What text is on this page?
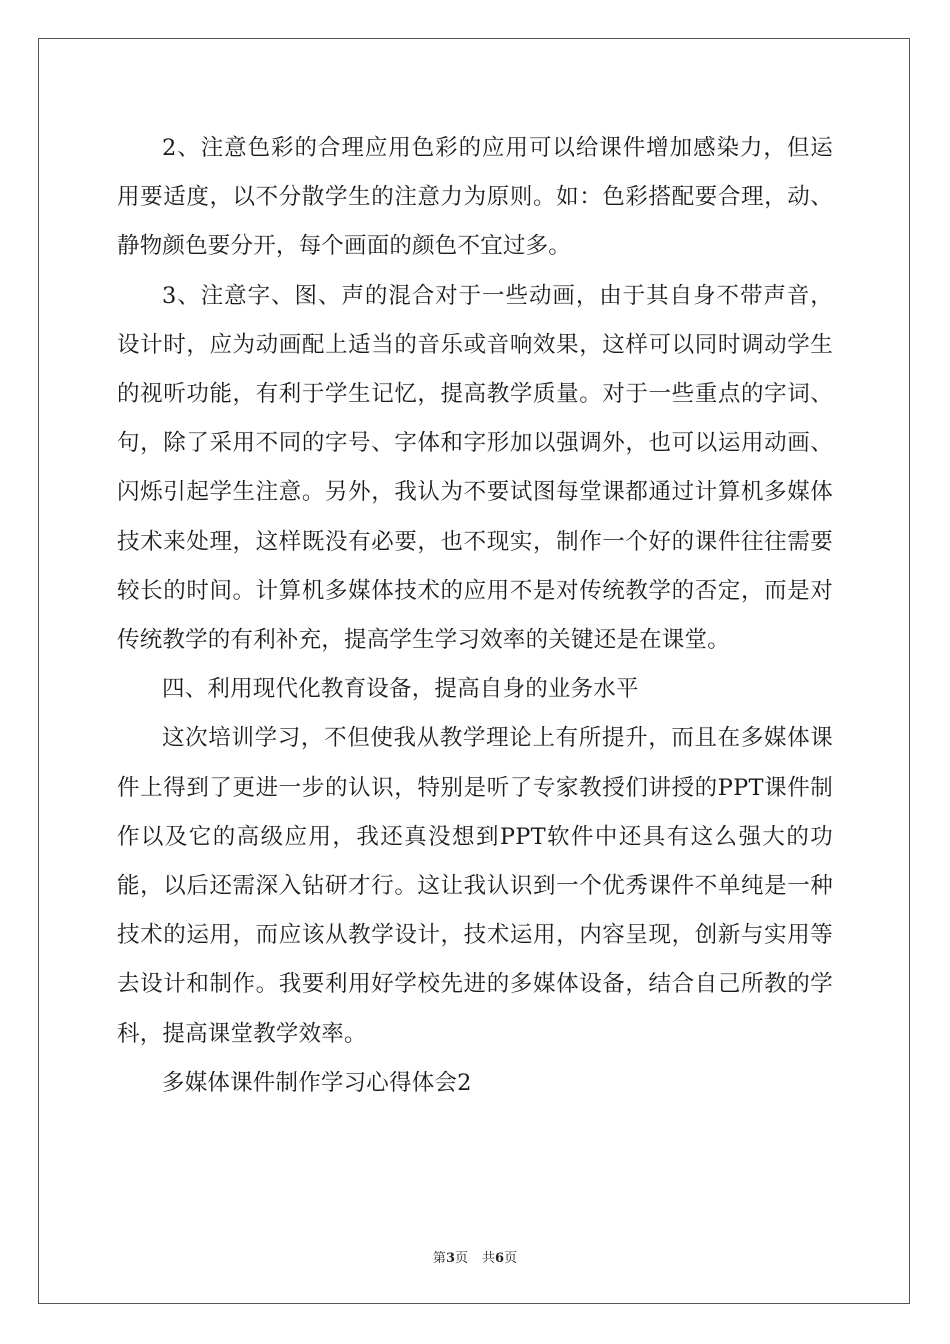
2、注意色彩的合理应用色彩的应用可以给课件增加感染力，但运用要适度，以不分散学生的注意力为原则。如：色彩搭配要合理，动、静物颜色要分开，每个画面的颜色不宜过多。

3、注意字、图、声的混合对于一些动画，由于其自身不带声音，设计时，应为动画配上适当的音乐或音响效果，这样可以同时调动学生的视听功能，有利于学生记忆，提高教学质量。对于一些重点的字词、句，除了采用不同的字号、字体和字形加以强调外，也可以运用动画、闪烁引起学生注意。另外，我认为不要试图每堂课都通过计算机多媒体技术来处理，这样既没有必要，也不现实，制作一个好的课件往往需要较长的时间。计算机多媒体技术的应用不是对传统教学的否定，而是对传统教学的有利补充，提高学生学习效率的关键还是在课堂。

四、利用现代化教育设备，提高自身的业务水平

这次培训学习，不但使我从教学理论上有所提升，而且在多媒体课件上得到了更进一步的认识，特别是听了专家教授们讲授的PPT课件制作以及它的高级应用，我还真没想到PPT软件中还具有这么强大的功能，以后还需深入钻研才行。这让我认识到一个优秀课件不单纯是一种技术的运用，而应该从教学设计，技术运用，内容呈现，创新与实用等去设计和制作。我要利用好学校先进的多媒体设备，结合自己所教的学科，提高课堂教学效率。

多媒体课件制作学习心得体会2

第3页 共6页
